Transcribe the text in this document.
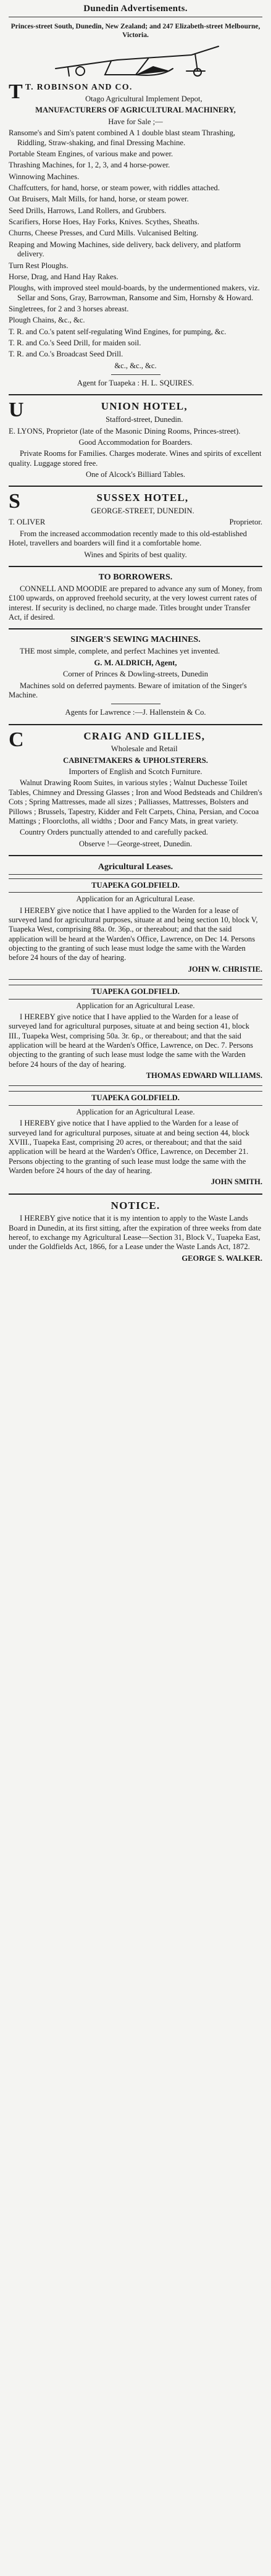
Dunedin Advertisements.

Princes-street South, Dunedin, New Zealand; and 247 Elizabeth-street Melbourne, Victoria.

T T. ROBINSON AND CO.

Otago Agricultural Implement Depot,

MANUFACTURERS OF AGRICULTURAL MACHINERY,

Have for Sale ;—

Ransome's and Sim's patent combined A 1 double blast steam Thrashing, Riddling, Straw-shaking, and final Dressing Machine.

Portable Steam Engines, of various make and power.

Thrashing Machines, for 1, 2, 3, and 4 horse-power.

Winnowing Machines.

Chaffcutters, for hand, horse, or steam power, with riddles attached.

Oat Bruisers, Malt Mills, for hand, horse, or steam power.

Seed Drills, Harrows, Land Rollers, and Grubbers.

Scarifiers, Horse Hoes, Hay Forks, Knives. Scythes, Sheaths.

Churns, Cheese Presses, and Curd Mills. Vulcanised Belting.

Reaping and Mowing Machines, side delivery, back delivery, and platform delivery.

Turn Rest Ploughs.

Horse, Drag, and Hand Hay Rakes.

Ploughs, with improved steel mould-boards, by the undermentioned makers, viz. Sellar and Sons, Gray, Barrowman, Ransome and Sim, Hornsby & Howard.

Singletrees, for 2 and 3 horses abreast.

Plough Chains, &c., &c.

T. R. and Co.'s patent self-regulating Wind Engines, for pumping, &c.

T. R. and Co.'s Seed Drill, for maiden soil.

T. R. and Co.'s Broadcast Seed Drill.

&c., &c., &c.

Agent for Tuapeka : H. L. SQUIRES.

U	UNION HOTEL,

Stafford-street, Dunedin.

E. LYONS, Proprietor (late of the Masonic Dining Rooms, Princes-street).

Good Accommodation for Boarders.

Private Rooms for Families. Charges moderate. Wines and spirits of excellent quality. Luggage stored free.

One of Alcock's Billiard Tables.

S	SUSSEX HOTEL,

GEORGE-STREET, DUNEDIN.

T. OLIVER	Proprietor.

From the increased accommodation recently made to this old-established Hotel, travellers and boarders will find it a comfortable home.

Wines and Spirits of best quality.

TO BORROWERS.

CONNELL AND MOODIE are prepared to advance any sum of Money, from £100 upwards, on approved freehold security, at the very lowest current rates of interest. If security is declined, no charge made. Titles brought under Transfer Act, if desired.

SINGER'S SEWING MACHINES.

THE most simple, complete, and perfect Machines yet invented.

G. M. ALDRICH, Agent,

Corner of Princes & Dowling-streets, Dunedin

Machines sold on deferred payments. Beware of imitation of the Singer's Machine.

Agents for Lawrence :—J. Hallenstein & Co.

C	CRAIG AND GILLIES,

Wholesale and Retail

CABINETMAKERS & UPHOLSTERERS.

Importers of English and Scotch Furniture.

Walnut Drawing Room Suites, in various styles ; Walnut Duchesse Toilet Tables, Chimney and Dressing Glasses ; Iron and Wood Bedsteads and Children's Cots ; Spring Mattresses, made all sizes ; Palliasses, Mattresses, Bolsters and Pillows ; Brussels, Tapestry, Kidder and Felt Carpets, China, Persian, and Cocoa Mattings ; Floorcloths, all widths ; Door and Fancy Mats, in great variety.

Country Orders punctually attended to and carefully packed.

Observe !—George-street, Dunedin.

Agricultural Leases.

TUAPEKA GOLDFIELD.

Application for an Agricultural Lease.

I HEREBY give notice that I have applied to the Warden for a lease of surveyed land for agricultural purposes, situate at and being section 10, block V, Tuapeka West, comprising 88a. 0r. 36p., or thereabout; and that the said application will be heard at the Warden's Office, Lawrence, on Dec 14. Persons objecting to the granting of such lease must lodge the same with the Warden before 24 hours of the day of hearing.

JOHN W. CHRISTIE.

TUAPEKA GOLDFIELD.

Application for an Agricultural Lease.

I HEREBY give notice that I have applied to the Warden for a lease of surveyed land for agricultural purposes, situate at and being section 41, block III., Tuapeka West, comprising 50a. 3r. 6p., or thereabout; and that the said application will be heard at the Warden's Office, Lawrence, on Dec. 7. Persons objecting to the granting of such lease must lodge the same with the Warden before 24 hours of the day of hearing.

THOMAS EDWARD WILLIAMS.

TUAPEKA GOLDFIELD.

Application for an Agricultural Lease.

I HEREBY give notice that I have applied to the Warden for a lease of surveyed land for agricultural purposes, situate at and being section 44, block XVIII., Tuapeka East, comprising 20 acres, or thereabout; and that the said application will be heard at the Warden's Office, Lawrence, on December 21. Persons objecting to the granting of such lease must lodge the same with the Warden before 24 hours of the day of hearing.

JOHN SMITH.

NOTICE.

I HEREBY give notice that it is my intention to apply to the Waste Lands Board in Dunedin, at its first sitting, after the expiration of three weeks from date hereof, to exchange my Agricultural Lease—Section 31, Block V., Tuapeka East, under the Goldfields Act, 1866, for a Lease under the Waste Lands Act, 1872.

GEORGE S. WALKER.
